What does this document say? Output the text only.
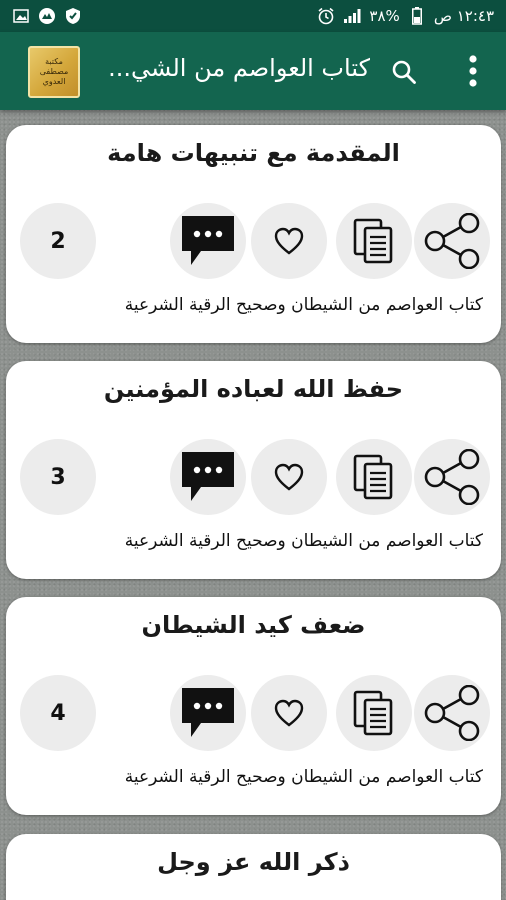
٣٨% ١٢:٤٣ ص
مكتبة
مصطفى العدوي	كتاب العواصم من الشي...
المقدمة مع تنبيهات هامة
2
كتاب العواصم من الشيطان وصحيح الرقية الشرعية
حفظ الله لعباده المؤمنين
3
كتاب العواصم من الشيطان وصحيح الرقية الشرعية
ضعف كيد الشيطان
4
كتاب العواصم من الشيطان وصحيح الرقية الشرعية
ذكر الله عز وجل
